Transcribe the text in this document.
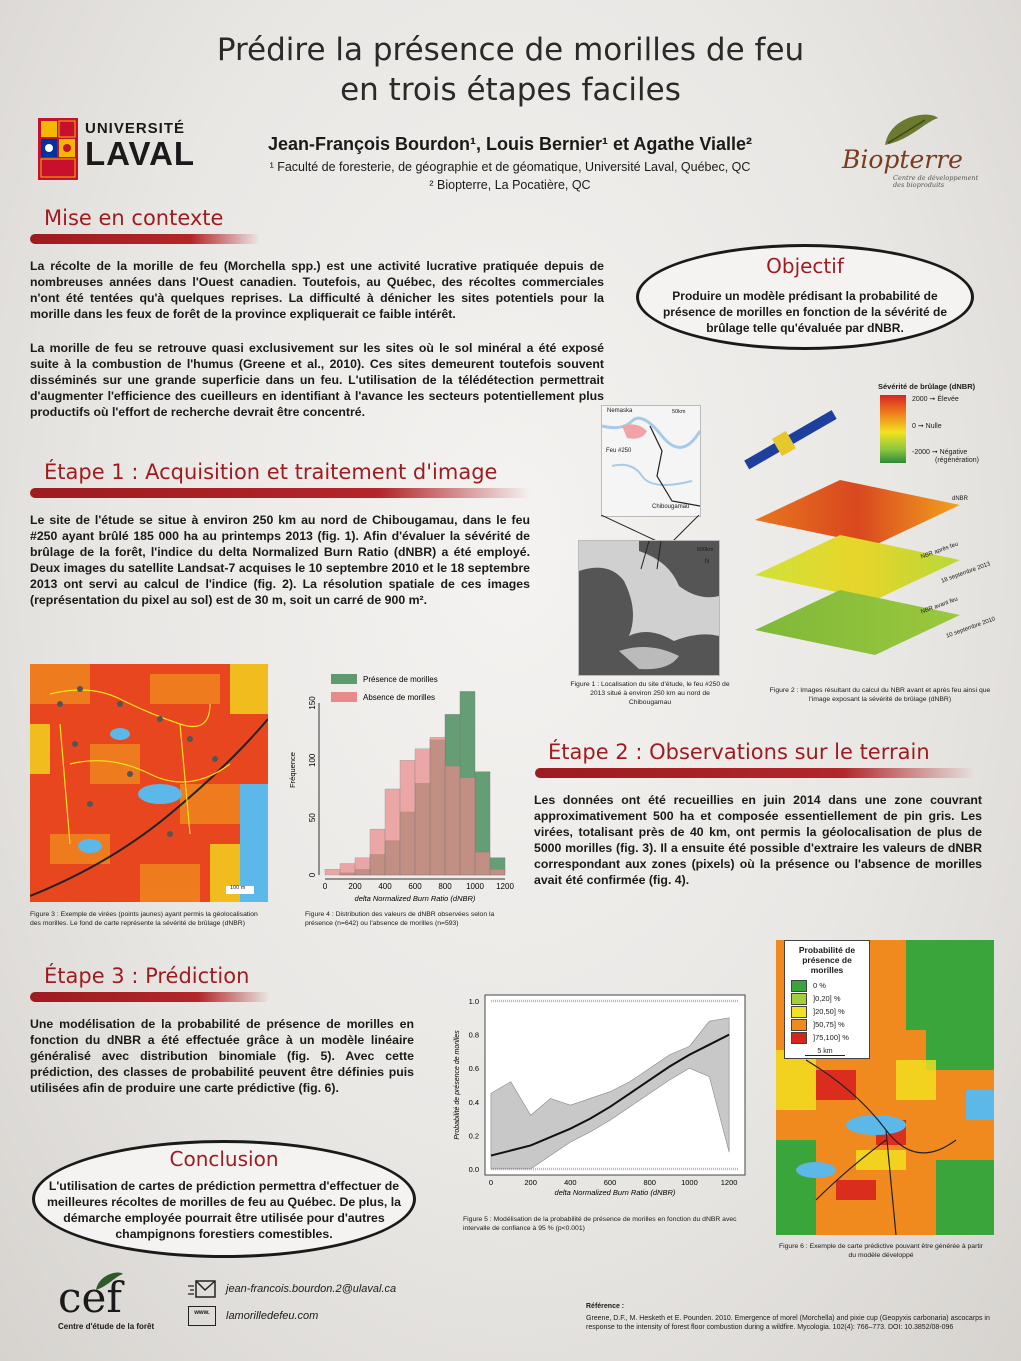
Prédire la présence de morilles de feu
en trois étapes faciles
UNIVERSITÉ
LAVAL	Jean-François Bourdon¹, Louis Bernier¹ et Agathe Vialle²
¹ Faculté de foresterie, de géographie et de géomatique, Université Laval, Québec, QC
² Biopterre, La Pocatière, QC
Biopterre
Centre de développement
des bioproduits
Mise en contexte
La récolte de la morille de feu (Morchella spp.) est une activité lucrative pratiquée depuis de nombreuses années dans l'Ouest canadien. Toutefois, au Québec, des récoltes commerciales n'ont été tentées qu'à quelques reprises. La difficulté à dénicher les sites potentiels pour la morille dans les feux de forêt de la province expliquerait ce faible intérêt.
La morille de feu se retrouve quasi exclusivement sur les sites où le sol minéral a été exposé suite à la combustion de l'humus (Greene et al., 2010). Ces sites demeurent toutefois souvent disséminés sur une grande superficie dans un feu. L'utilisation de la télédétection permettrait d'augmenter l'efficience des cueilleurs en identifiant à l'avance les secteurs potentiellement plus productifs où l'effort de recherche devrait être concentré.
Objectif
Produire un modèle prédisant la probabilité de présence de morilles en fonction de la sévérité de brûlage telle qu'évaluée par dNBR.
Étape 1 : Acquisition et traitement d'image
Le site de l'étude se situe à environ 250 km au nord de Chibougamau, dans le feu #250 ayant brûlé 185 000 ha au printemps 2013 (fig. 1). Afin d'évaluer la sévérité de brûlage de la forêt, l'indice du delta Normalized Burn Ratio (dNBR) a été employé. Deux images du satellite Landsat-7 acquises le 10 septembre 2010 et le 18 septembre 2013 ont servi au calcul de l'indice (fig. 2). La résolution spatiale de ces images (représentation du pixel au sol) est de 30 m, soit un carré de 900 m².
Nemaska	50km
Feu #250
Chibougamau
500km
N
Figure 1 : Localisation du site d'étude, le feu #250 de 2013 situé à environ 250 km au nord de Chibougamau
Sévérité de brûlage (dNBR)
2000 ➞ Élevée
0 ➞ Nulle
-2000 ➞ Négative
(régénération)
dNBR
NBR après feu
18 septembre 2013
NBR avant feu
10 septembre 2010
Figure 2 : Images résultant du calcul du NBR avant et après feu ainsi que l'image exposant la sévérité de brûlage (dNBR)
100 m
Figure 3 : Exemple de virées (points jaunes) ayant permis la géolocalisation des morilles. Le fond de carte représente la sévérité de brûlage (dNBR)
0	200 400 600 800 1000 1200
0
50
100
150
delta Normalized Burn Ratio (dNBR)
Fréquence
Présence de morilles
Absence de morilles
Figure 4 : Distribution des valeurs de dNBR observées selon la présence (n=642) ou l'absence de morilles (n=593)
Étape 2 : Observations sur le terrain
Les données ont été recueillies en juin 2014 dans une zone couvrant approximativement 500 ha et composée essentiellement de pin gris. Les virées, totalisant près de 40 km, ont permis la géolocalisation de plus de 5000 morilles (fig. 3). Il a ensuite été possible d'extraire les valeurs de dNBR correspondant aux zones (pixels) où la présence ou l'absence de morilles avait été confirmée (fig. 4).
Étape 3 : Prédiction
Une modélisation de la probabilité de présence de morilles en fonction du dNBR a été effectuée grâce à un modèle linéaire généralisé avec distribution binomiale (fig. 5). Avec cette prédiction, des classes de probabilité peuvent être définies puis utilisées afin de produire une carte prédictive (fig. 6).
0	200	400	600	800	1000	1200
0.0
0.2
0.4
0.6
0.8
1.0
delta Normalized Burn Ratio (dNBR)
Probabilité de présence de morilles
Figure 5 : Modélisation de la probabilité de présence de morilles en fonction du dNBR avec intervalle de confiance à 95 % (p<0.001)
Probabilité de
présence de morilles
0 %
]0,20] %
]20,50] %
]50,75] %
]75,100] %
5 km
Figure 6 : Exemple de carte prédictive pouvant être générée à partir du modèle développé
Conclusion
L'utilisation de cartes de prédiction permettra d'effectuer de meilleures récoltes de morilles de feu au Québec. De plus, la démarche employée pourrait être utilisée pour d'autres champignons forestiers comestibles.
cef
Centre d'étude de la forêt
jean-francois.bourdon.2@ulaval.ca
www.	lamorilledefeu.com
Référence :
Greene, D.F., M. Hesketh et E. Pounden. 2010. Emergence of morel (Morchella) and pixie cup (Geopyxis carbonaria) ascocarps in response to the intensity of forest floor combustion during a wildfire. Mycologia. 102(4): 766–773. DOI: 10.3852/08-096
